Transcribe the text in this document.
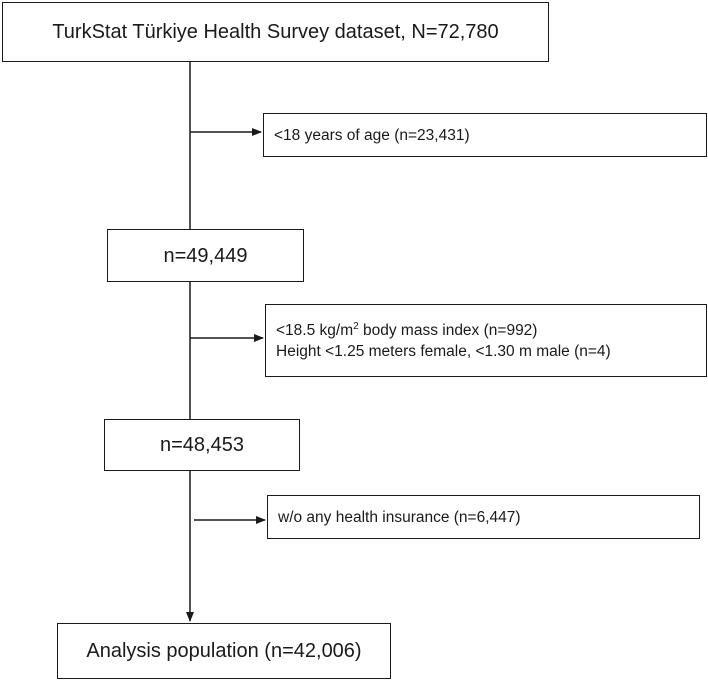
TurkStat Türkiye Health Survey dataset, N=72,780
<18 years of age (n=23,431)
n=49,449
<18.5 $kg/m^2$ body mass index (n=992)
Height <1.25 meters female, <1.30 m male (n=4)
n=48,453
w/o any health insurance (n=6,447)
Analysis population (n=42,006)
